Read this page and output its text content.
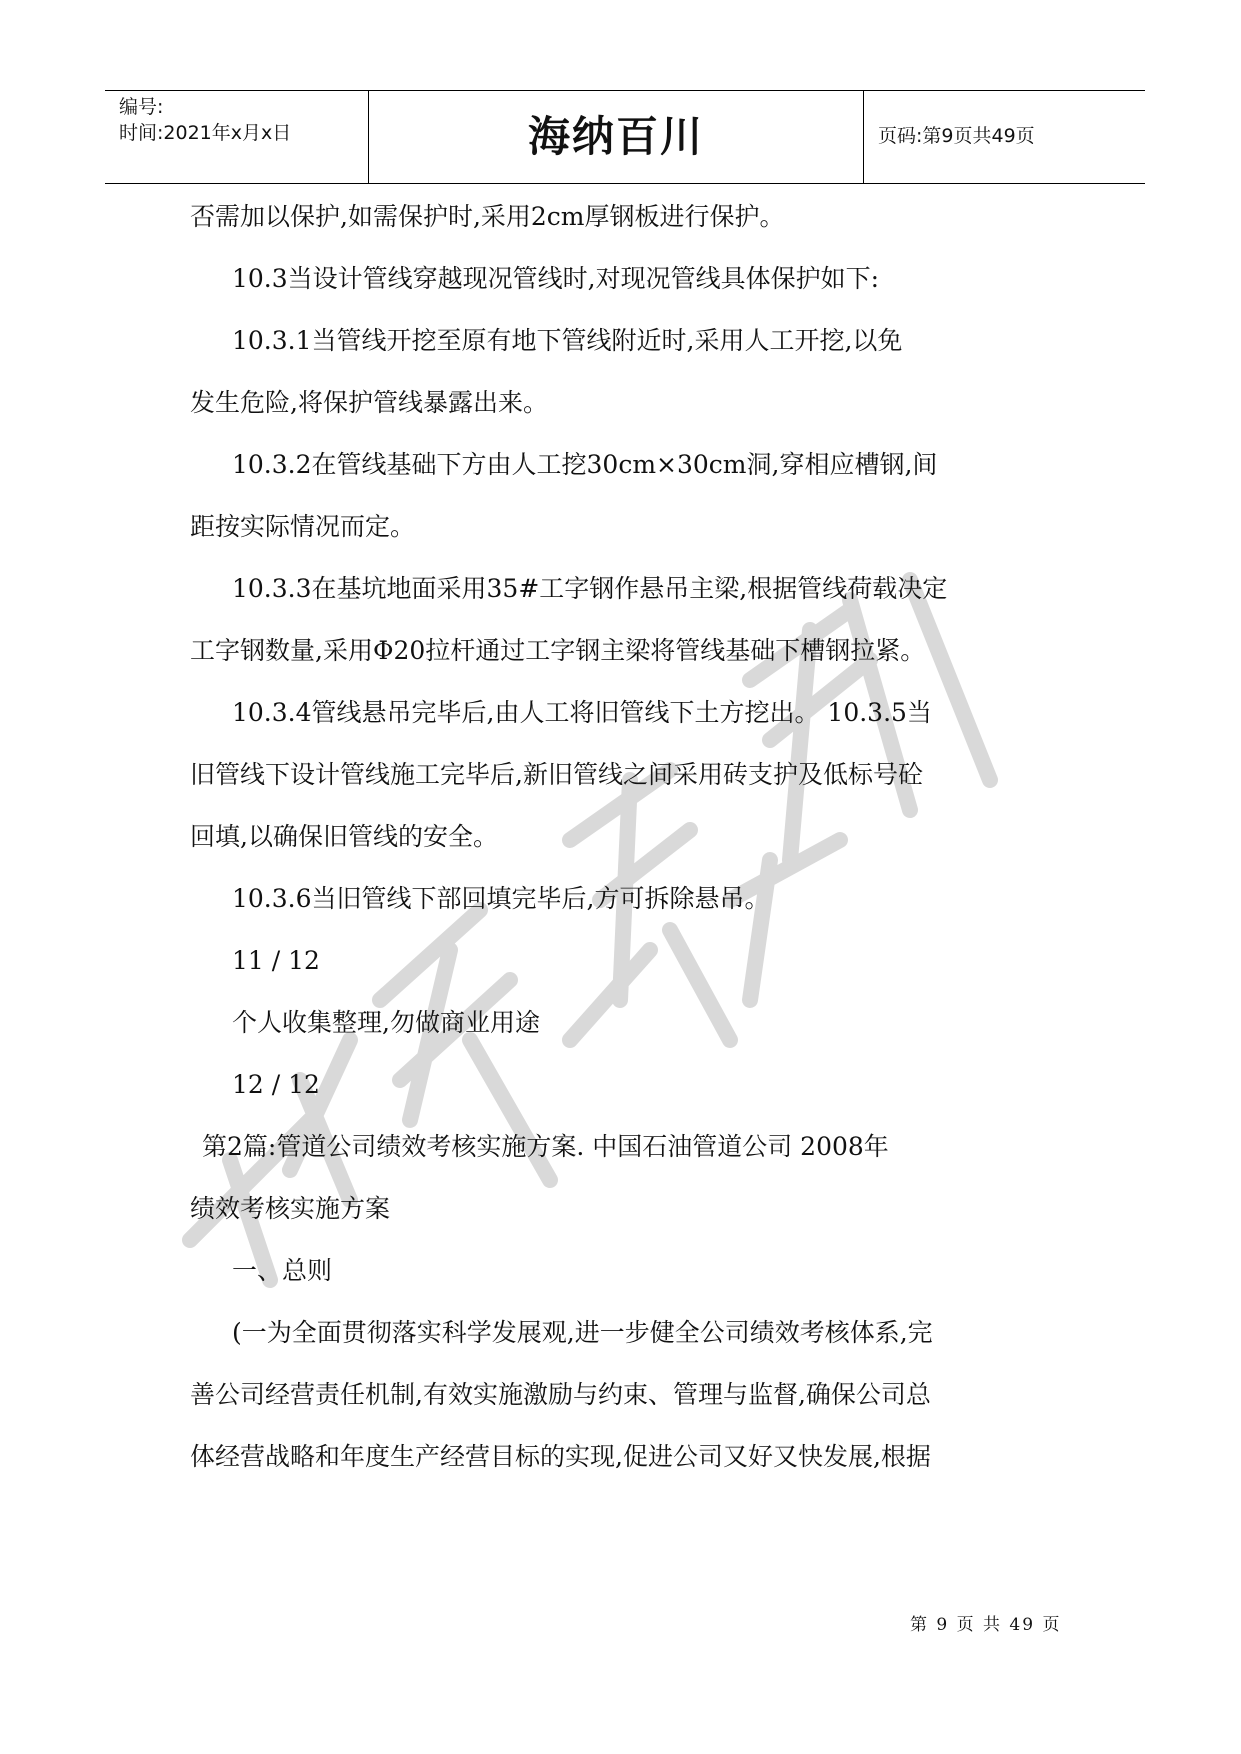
编号:
时间:2021年x月x日	海纳百川	页码:第9页共49页
否需加以保护,如需保护时,采用2cm厚钢板进行保护。
10.3当设计管线穿越现况管线时,对现况管线具体保护如下:
10.3.1当管线开挖至原有地下管线附近时,采用人工开挖,以免
发生危险,将保护管线暴露出来。
10.3.2在管线基础下方由人工挖30cm×30cm洞,穿相应槽钢,间
距按实际情况而定。
10.3.3在基坑地面采用35#工字钢作悬吊主梁,根据管线荷载决定
工字钢数量,采用Φ20拉杆通过工字钢主梁将管线基础下槽钢拉紧。
10.3.4管线悬吊完毕后,由人工将旧管线下土方挖出。 10.3.5当
旧管线下设计管线施工完毕后,新旧管线之间采用砖支护及低标号砼
回填,以确保旧管线的安全。
10.3.6当旧管线下部回填完毕后,方可拆除悬吊。
11 / 12
个人收集整理,勿做商业用途
12 / 12
第2篇:管道公司绩效考核实施方案. 中国石油管道公司 2008年
绩效考核实施方案
一、总则
(一为全面贯彻落实科学发展观,进一步健全公司绩效考核体系,完
善公司经营责任机制,有效实施激励与约束、管理与监督,确保公司总
体经营战略和年度生产经营目标的实现,促进公司又好又快发展,根据
第 9 页 共 49 页
